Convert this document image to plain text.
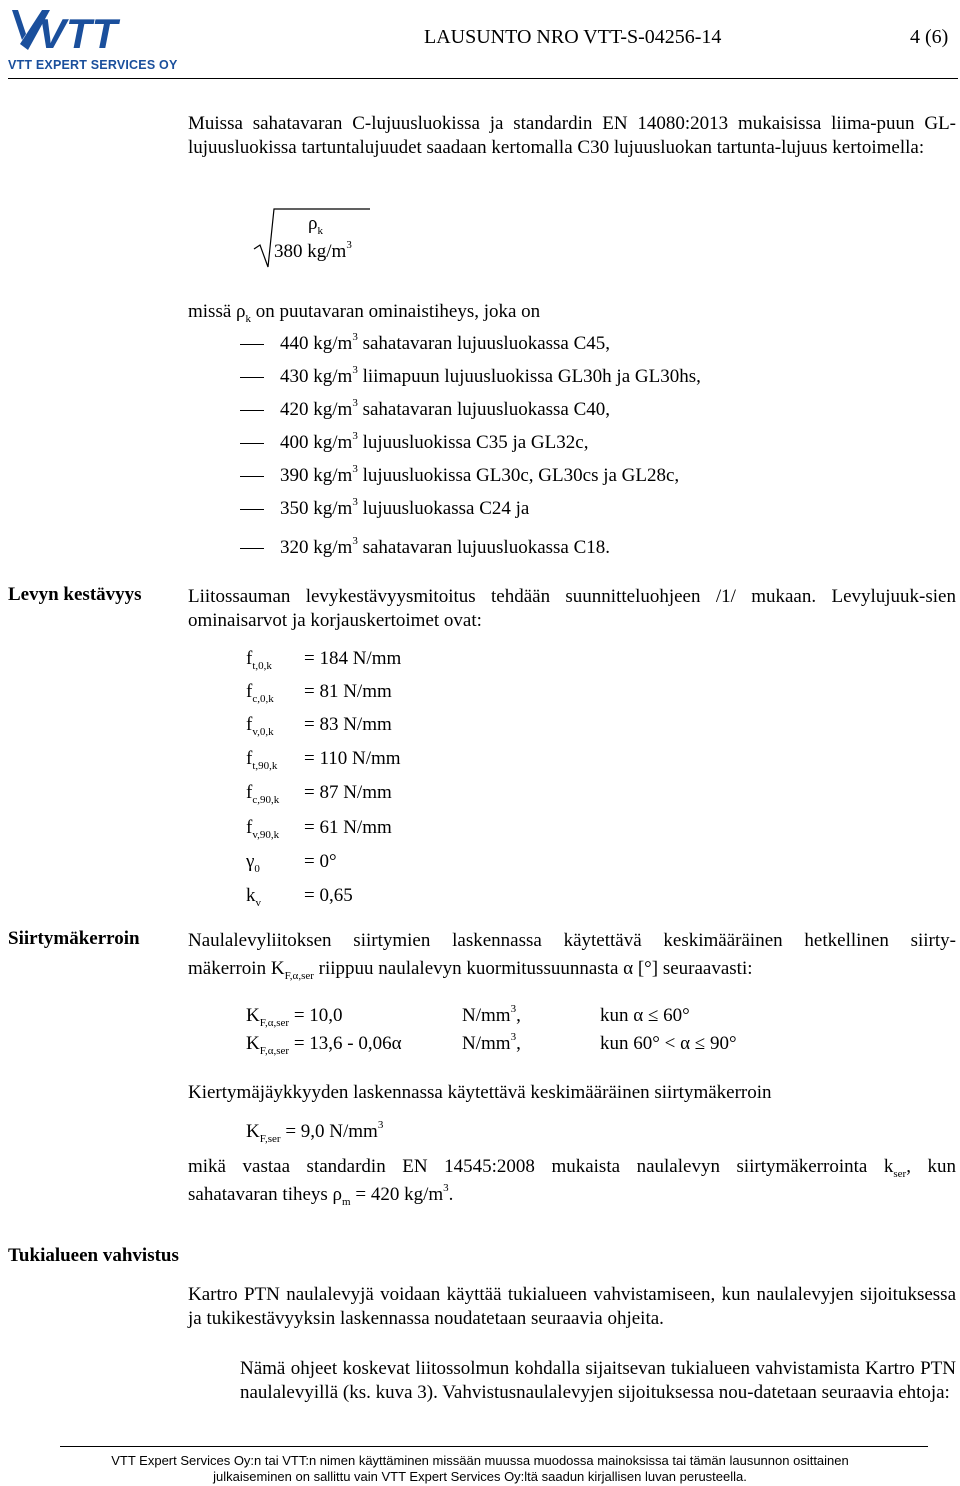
VTT
VTT EXPERT SERVICES OY
LAUSUNTO NRO VTT-S-04256-14	4 (6)
Muissa sahatavaran C-lujuusluokissa ja standardin EN 14080:2013 mukaisissa liima-puun GL-lujuusluokissa tartuntalujuudet saadaan kertomalla C30 lujuusluokan tartunta-lujuus kertoimella:
$\rho_k$
380 $kg/m^3$
missä $\rho_k$ on puutavaran ominaistiheys, joka on
440 $kg/m^3$ sahatavaran lujuusluokassa C45,
430 $kg/m^3$ liimapuun lujuusluokissa GL30h ja GL30hs,
420 $kg/m^3$ sahatavaran lujuusluokassa C40,
400 $kg/m^3$ lujuusluokissa C35 ja GL32c,
390 $kg/m^3$ lujuusluokissa GL30c, GL30cs ja GL28c,
350 $kg/m^3$ lujuusluokassa C24 ja
320 $kg/m^3$ sahatavaran lujuusluokassa C18.
Levyn kestävyys Liitossauman levykestävyysmitoitus tehdään suunnitteluohjeen /1/ mukaan. Levylujuuk-sien ominaisarvot ja korjauskertoimet ovat:
$f_{t,0,k} = 184$ N/mm
$f_{c,0,k} = 81$ N/mm
$f_{v,0,k} = 83$ N/mm
$f_{t,90,k} = 110$ N/mm
$f_{c,90,k} = 87$ N/mm
$f_{v,90,k} = 61$ N/mm
$\gamma_0 = 0^\circ$
$k_v = 0,65$
Siirtymäkerroin	Naulalevyliitoksen siirtymien laskennassa käytettävä keskimääräinen hetkellinen siirty-
mäkerroin $K_{F,\alpha,ser}$ riippuu naulalevyn kuormitussuunnasta α [°] seuraavasti:
$K_{F,\alpha,ser} = 10,0$	$N/mm^3$,	kun α ≤ 60°
$K_{F,\alpha,ser} = 13,6 - 0,06\alpha$	$N/mm^3$,	kun 60° < α ≤ 90°
Kiertymäjäykkyyden laskennassa käytettävä keskimääräinen siirtymäkerroin
$K_{F,ser} = 9,0$ $N/mm^3$
mikä vastaa standardin EN 14545:2008 mukaista naulalevyn siirtymäkerrointa $k_{ser}$, kun
sahatavaran tiheys $\rho_m = 420$ $kg/m^3$.
Tukialueen vahvistus
Kartro PTN naulalevyjä voidaan käyttää tukialueen vahvistamiseen, kun naulalevyjen sijoituksessa ja tukikestävyyksin laskennassa noudatetaan seuraavia ohjeita.
Nämä ohjeet koskevat liitossolmun kohdalla sijaitsevan tukialueen vahvistamista Kartro PTN naulalevyillä (ks. kuva 3). Vahvistusnaulalevyjen sijoituksessa nou-datetaan seuraavia ehtoja:
VTT Expert Services Oy:n tai VTT:n nimen käyttäminen missään muussa muodossa mainoksissa tai tämän lausunnon osittainen
julkaiseminen on sallittu vain VTT Expert Services Oy:ltä saadun kirjallisen luvan perusteella.
